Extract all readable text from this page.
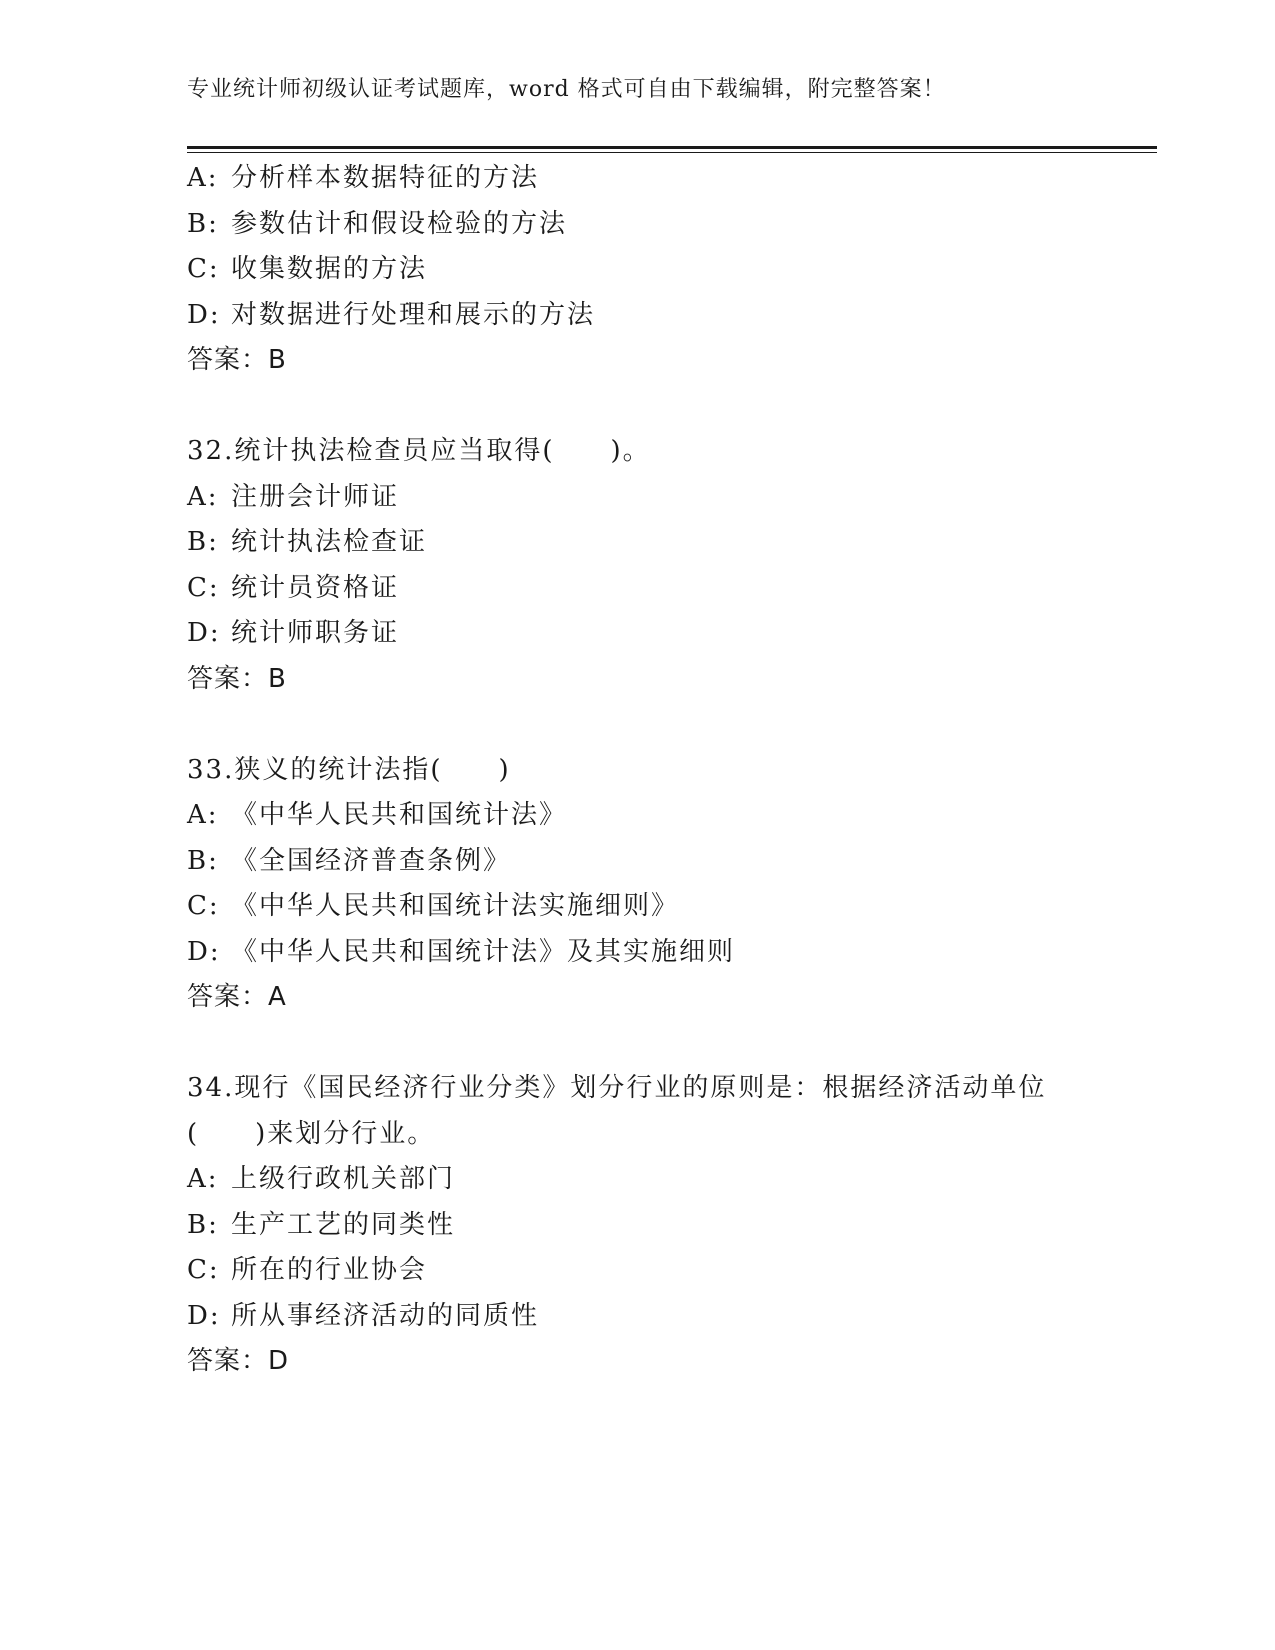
专业统计师初级认证考试题库，word 格式可自由下载编辑，附完整答案！
A: 分析样本数据特征的方法
B: 参数估计和假设检验的方法
C: 收集数据的方法
D: 对数据进行处理和展示的方法
答案：B
32.统计执法检查员应当取得(　　)。
A: 注册会计师证
B: 统计执法检查证
C: 统计员资格证
D: 统计师职务证
答案：B
33.狭义的统计法指(　　)
A: 《中华人民共和国统计法》
B: 《全国经济普查条例》
C: 《中华人民共和国统计法实施细则》
D: 《中华人民共和国统计法》及其实施细则
答案：A
34.现行《国民经济行业分类》划分行业的原则是：根据经济活动单位
(　　)来划分行业。
A: 上级行政机关部门
B: 生产工艺的同类性
C: 所在的行业协会
D: 所从事经济活动的同质性
答案：D
